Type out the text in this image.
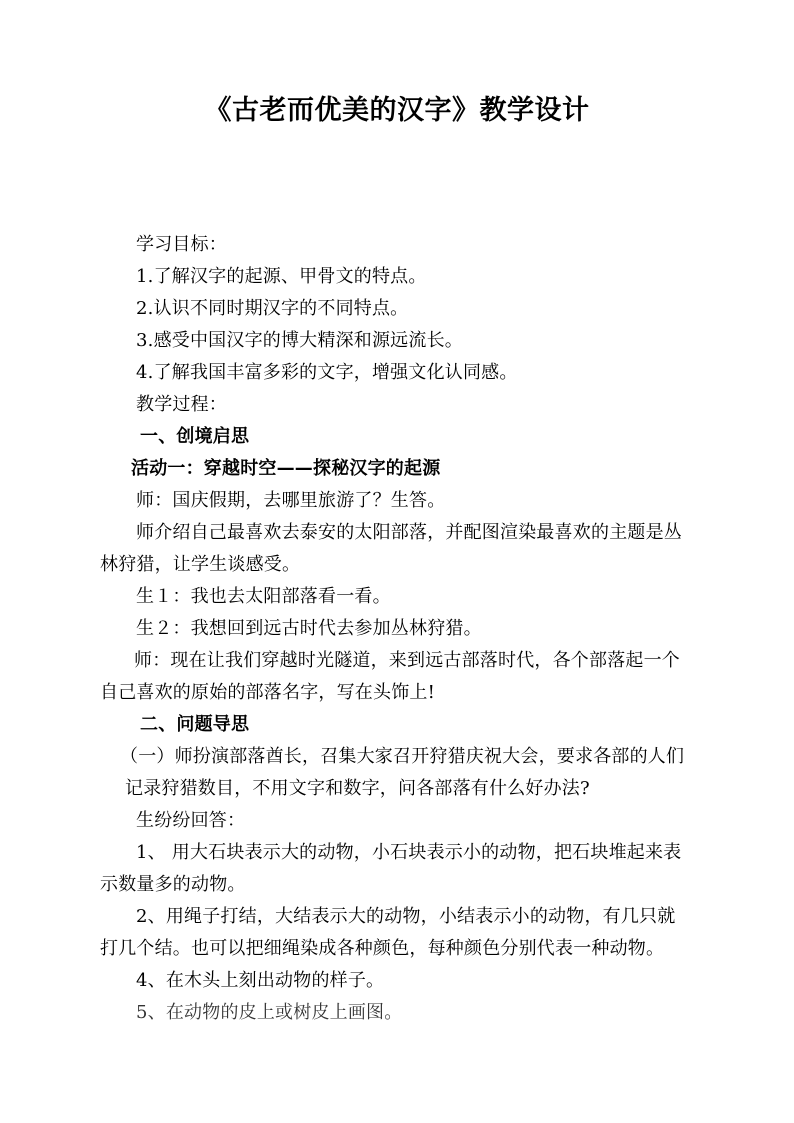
《古老而优美的汉字》教学设计
学习目标：
1.了解汉字的起源、甲骨文的特点。
2.认识不同时期汉字的不同特点。
3.感受中国汉字的博大精深和源远流长。
4.了解我国丰富多彩的文字，增强文化认同感。
教学过程：
一、创境启思
活动一：穿越时空——探秘汉字的起源
师：国庆假期，去哪里旅游了？生答。
师介绍自己最喜欢去泰安的太阳部落，并配图渲染最喜欢的主题是丛
林狩猎，让学生谈感受。
生１：我也去太阳部落看一看。
生２：我想回到远古时代去参加丛林狩猎。
师：现在让我们穿越时光隧道，来到远古部落时代，各个部落起一个
自己喜欢的原始的部落名字，写在头饰上!
二、问题导思
（一）师扮演部落酋长，召集大家召开狩猎庆祝大会，要求各部的人们
记录狩猎数目，不用文字和数字，问各部落有什么好办法?
生纷纷回答：
1、 用大石块表示大的动物，小石块表示小的动物，把石块堆起来表
示数量多的动物。
2、用绳子打结，大结表示大的动物，小结表示小的动物，有几只就
打几个结。也可以把细绳染成各种颜色，每种颜色分别代表一种动物。
4、在木头上刻出动物的样子。
5、在动物的皮上或树皮上画图。
